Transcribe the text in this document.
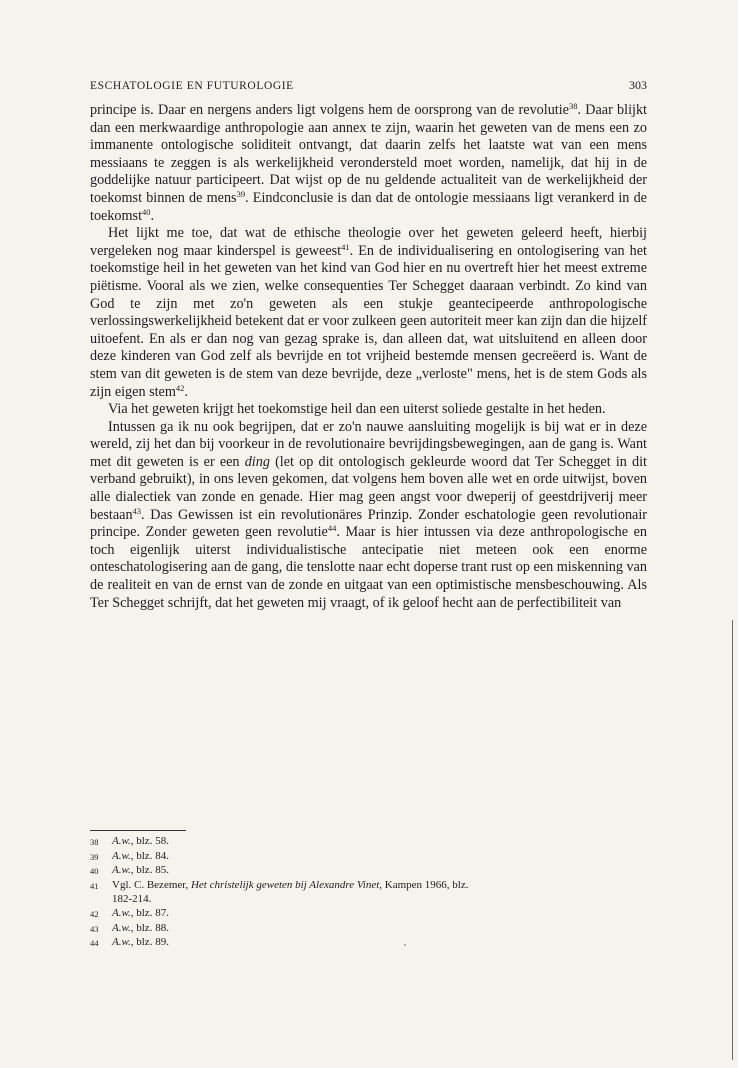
ESCHATOLOGIE EN FUTUROLOGIE	303

principe is. Daar en nergens anders ligt volgens hem de oorsprong van de revolutie$^{38}$. Daar blijkt dan een merkwaardige anthropologie aan annex te zijn, waarin het geweten van de mens een zo immanente ontologische soliditeit ontvangt, dat daarin zelfs het laatste wat van een mens messiaans te zeggen is als werkelijkheid verondersteld moet worden, namelijk, dat hij in de goddelijke natuur participeert. Dat wijst op de nu geldende actualiteit van de werkelijkheid der toekomst binnen de mens$^{39}$. Eindconclusie is dan dat de ontologie messiaans ligt verankerd in de toekomst$^{40}$.

Het lijkt me toe, dat wat de ethische theologie over het geweten geleerd heeft, hierbij vergeleken nog maar kinderspel is geweest$^{41}$. En de individualisering en ontologisering van het toekomstige heil in het geweten van het kind van God hier en nu overtreft hier het meest extreme piëtisme. Vooral als we zien, welke consequenties Ter Schegget daaraan verbindt. Zo kind van God te zijn met zo'n geweten als een stukje geantecipeerde anthropologische verlossingswerkelijkheid betekent dat er voor zulkeen geen autoriteit meer kan zijn dan die hijzelf uitoefent. En als er dan nog van gezag sprake is, dan alleen dat, wat uitsluitend en alleen door deze kinderen van God zelf als bevrijde en tot vrijheid bestemde mensen gecreëerd is. Want de stem van dit geweten is de stem van deze bevrijde, deze „verloste" mens, het is de stem Gods als zijn eigen stem$^{42}$.

Via het geweten krijgt het toekomstige heil dan een uiterst soliede gestalte in het heden.

Intussen ga ik nu ook begrijpen, dat er zo'n nauwe aansluiting mogelijk is bij wat er in deze wereld, zij het dan bij voorkeur in de revolutionaire bevrijdingsbewegingen, aan de gang is. Want met dit geweten is er een ding (let op dit ontologisch gekleurde woord dat Ter Schegget in dit verband gebruikt), in ons leven gekomen, dat volgens hem boven alle wet en orde uitwijst, boven alle dialectiek van zonde en genade. Hier mag geen angst voor dweperij of geestdrijverij meer bestaan$^{43}$. Das Gewissen ist ein revolutionäres Prinzip. Zonder eschatologie geen revolutionair principe. Zonder geweten geen revolutie$^{44}$. Maar is hier intussen via deze anthropologische en toch eigenlijk uiterst individualistische antecipatie niet meteen ook een enorme onteschatologisering aan de gang, die tenslotte naar echt doperse trant rust op een miskenning van de realiteit en van de ernst van de zonde en uitgaat van een optimistische mensbeschouwing. Als Ter Schegget schrijft, dat het geweten mij vraagt, of ik geloof hecht aan de perfectibiliteit van

38	A.w., blz. 58.
39	A.w., blz. 84.
40	A.w., blz. 85.
41	Vgl. C. Bezemer, Het christelijk geweten bij Alexandre Vinet, Kampen 1966, blz.
182-214.
42	A.w., blz. 87.
43	A.w., blz. 88.
44	A.w., blz. 89.
